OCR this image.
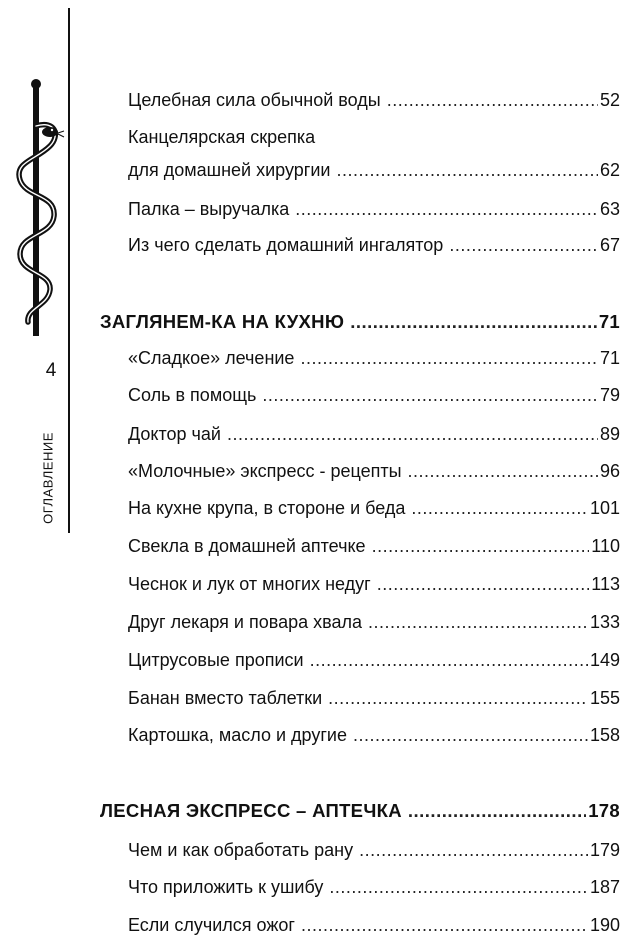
4
ОГЛАВЛЕНИЕ
Целебная сила обычной воды .....	52
Канцелярская скрепка
для домашней хирургии .....	62
Палка – выручалка .....	63
Из чего сделать домашний ингалятор .....	67
ЗАГЛЯНЕМ-КА НА КУХНЮ .....	71
«Сладкое» лечение .....	71
Соль в помощь .....	79
Доктор чай .....	89
«Молочные» экспресс - рецепты .....	96
На кухне крупа, в стороне и беда .....	101
Свекла в домашней аптечке .....	110
Чеснок и лук от многих недуг .....	113
Друг лекаря и повара хвала .....	133
Цитрусовые прописи .....	149
Банан вместо таблетки .....	155
Картошка, масло и другие .....	158
ЛЕСНАЯ ЭКСПРЕСС – АПТЕЧКА .....	178
Чем и как обработать рану .....	179
Что приложить к ушибу .....	187
Если случился ожог .....	190
